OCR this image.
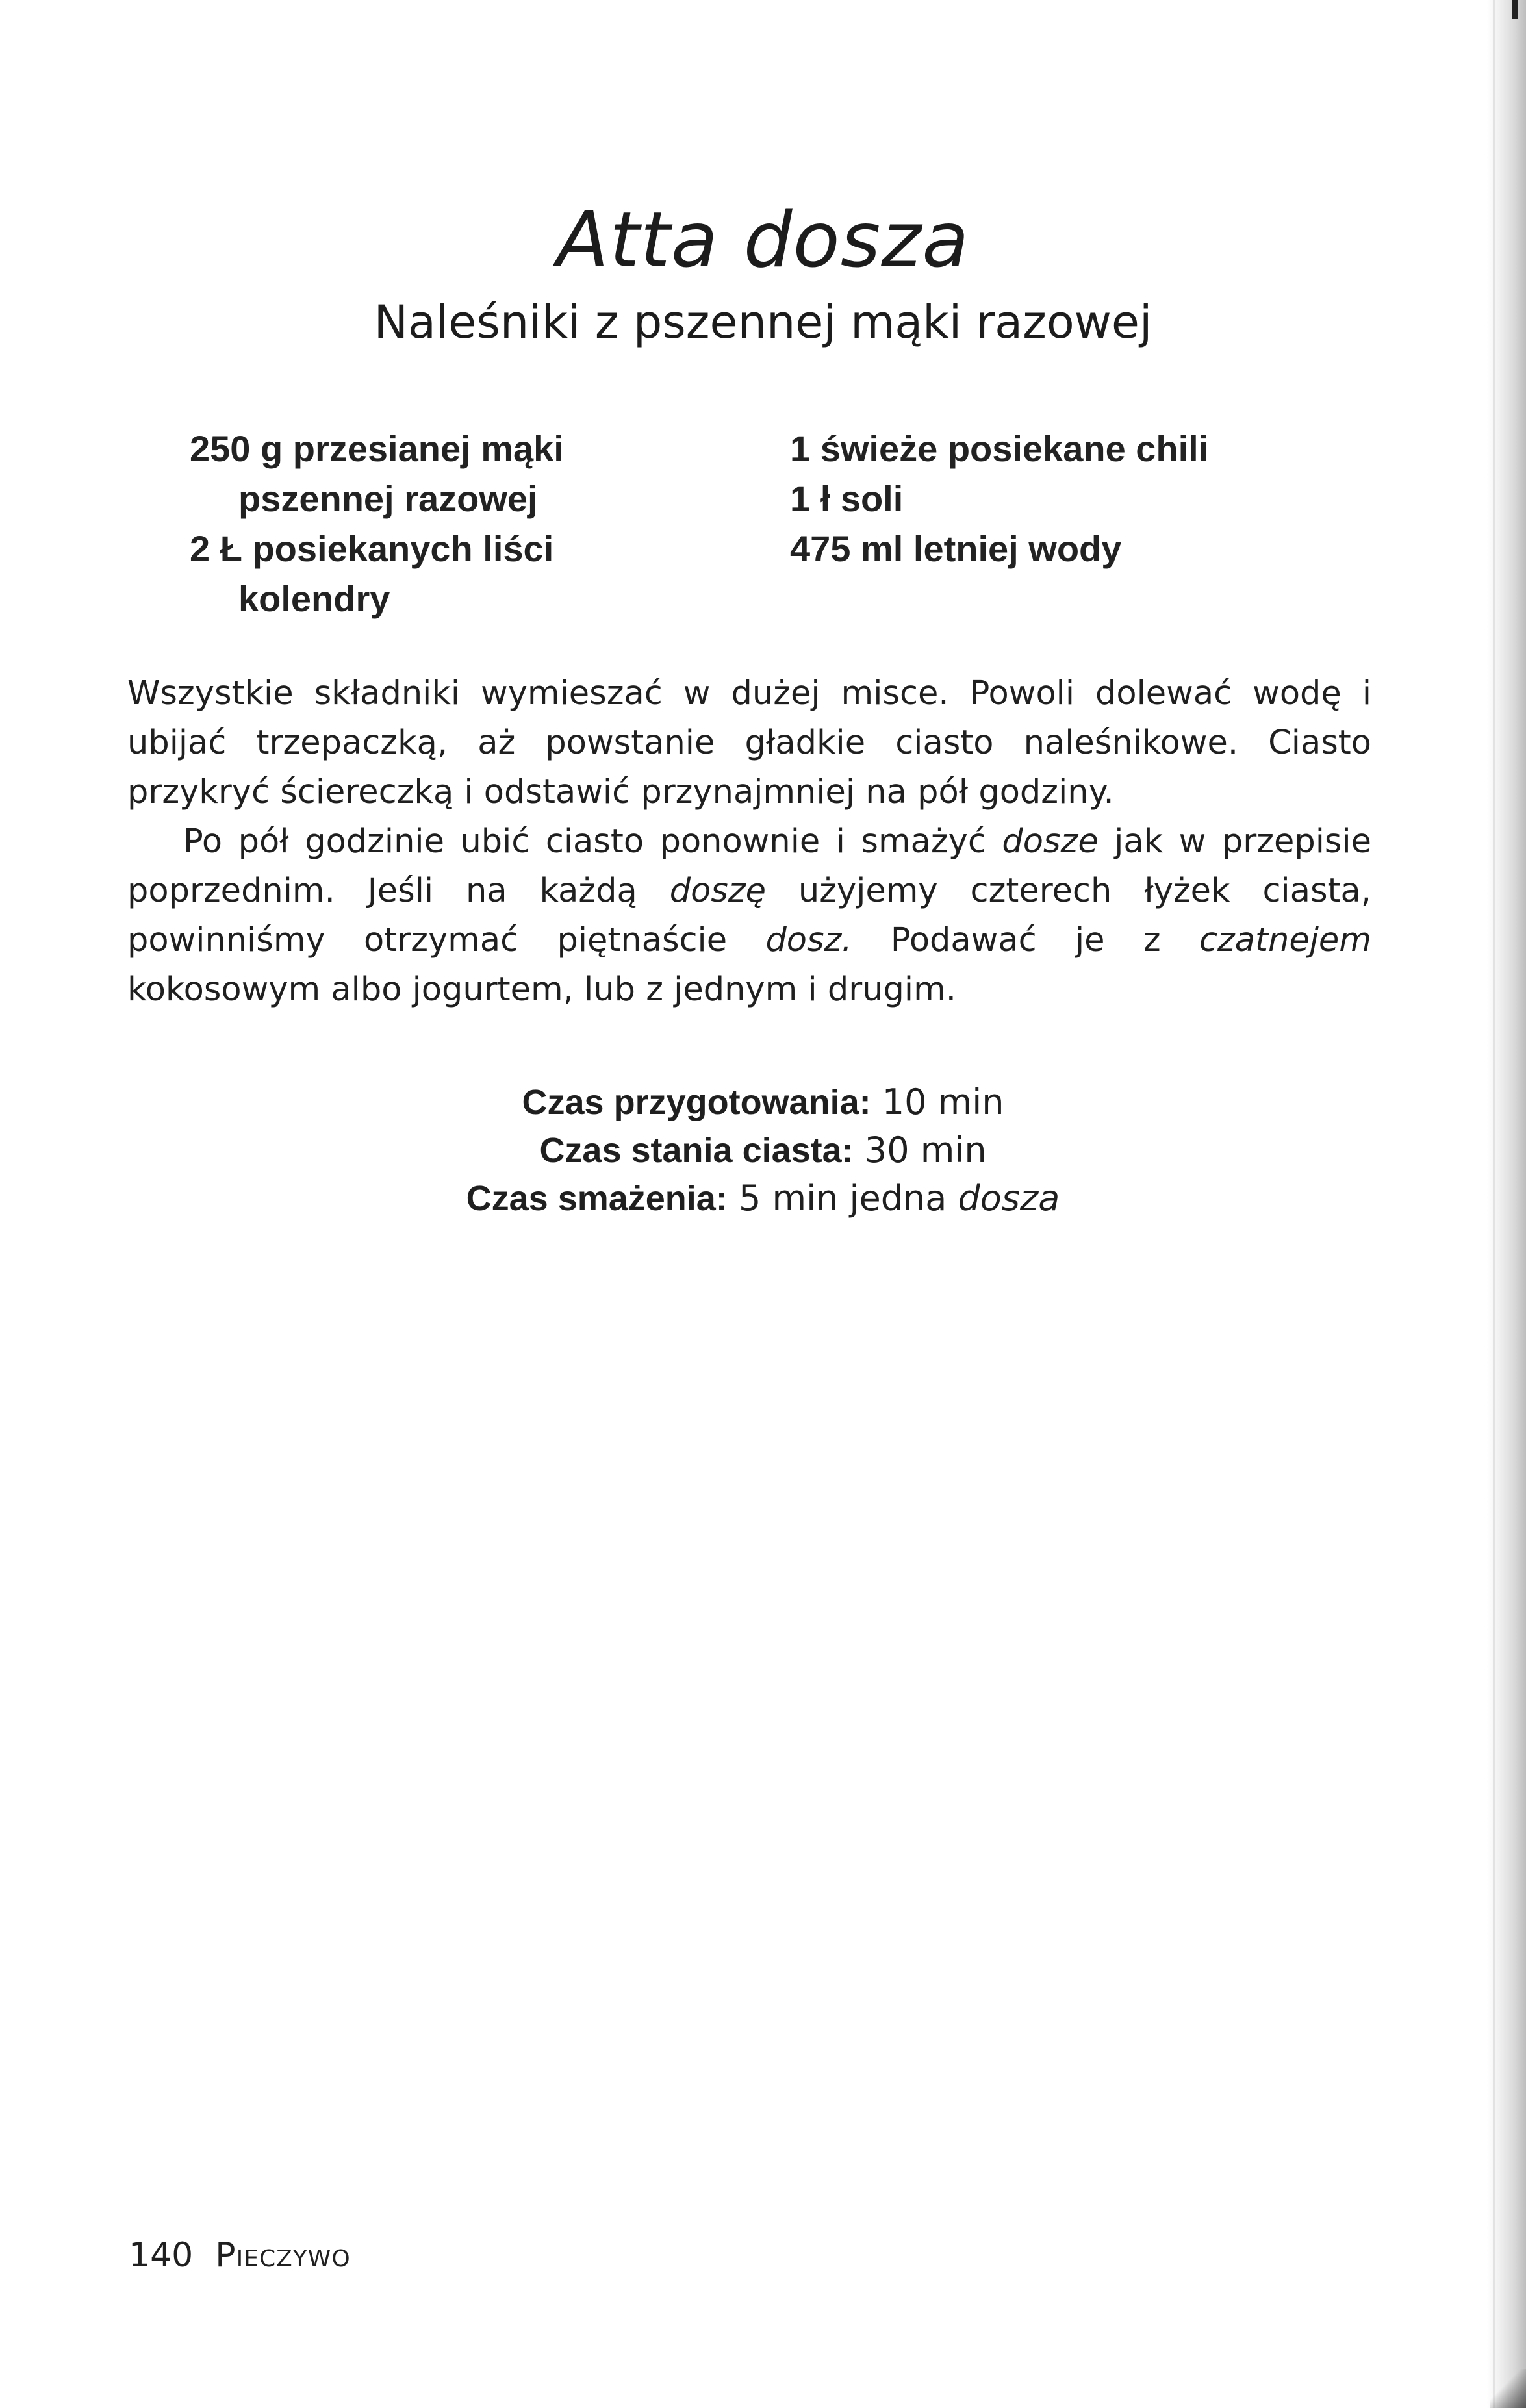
Atta dosza
Naleśniki z pszennej mąki razowej
250 g przesianej mąki
pszennej razowej
2 Ł posiekanych liści
kolendry
1 świeże posiekane chili
1 ł soli
475 ml letniej wody

Wszystkie składniki wymieszać w dużej misce. Powoli dolewać wodę i ubijać trzepaczką, aż powstanie gładkie ciasto naleśnikowe. Ciasto przykryć ściereczką i odstawić przynajmniej na pół godziny.

Po pół godzinie ubić ciasto ponownie i smażyć dosze jak w przepisie poprzednim. Jeśli na każdą doszę użyjemy czterech łyżek ciasta, powinniśmy otrzymać piętnaście dosz. Podawać je z czatnejem kokosowym albo jogurtem, lub z jednym i drugim.

Czas przygotowania: 10 min
Czas stania ciasta: 30 min
Czas smażenia: 5 min jedna dosza
140 Pieczywo
